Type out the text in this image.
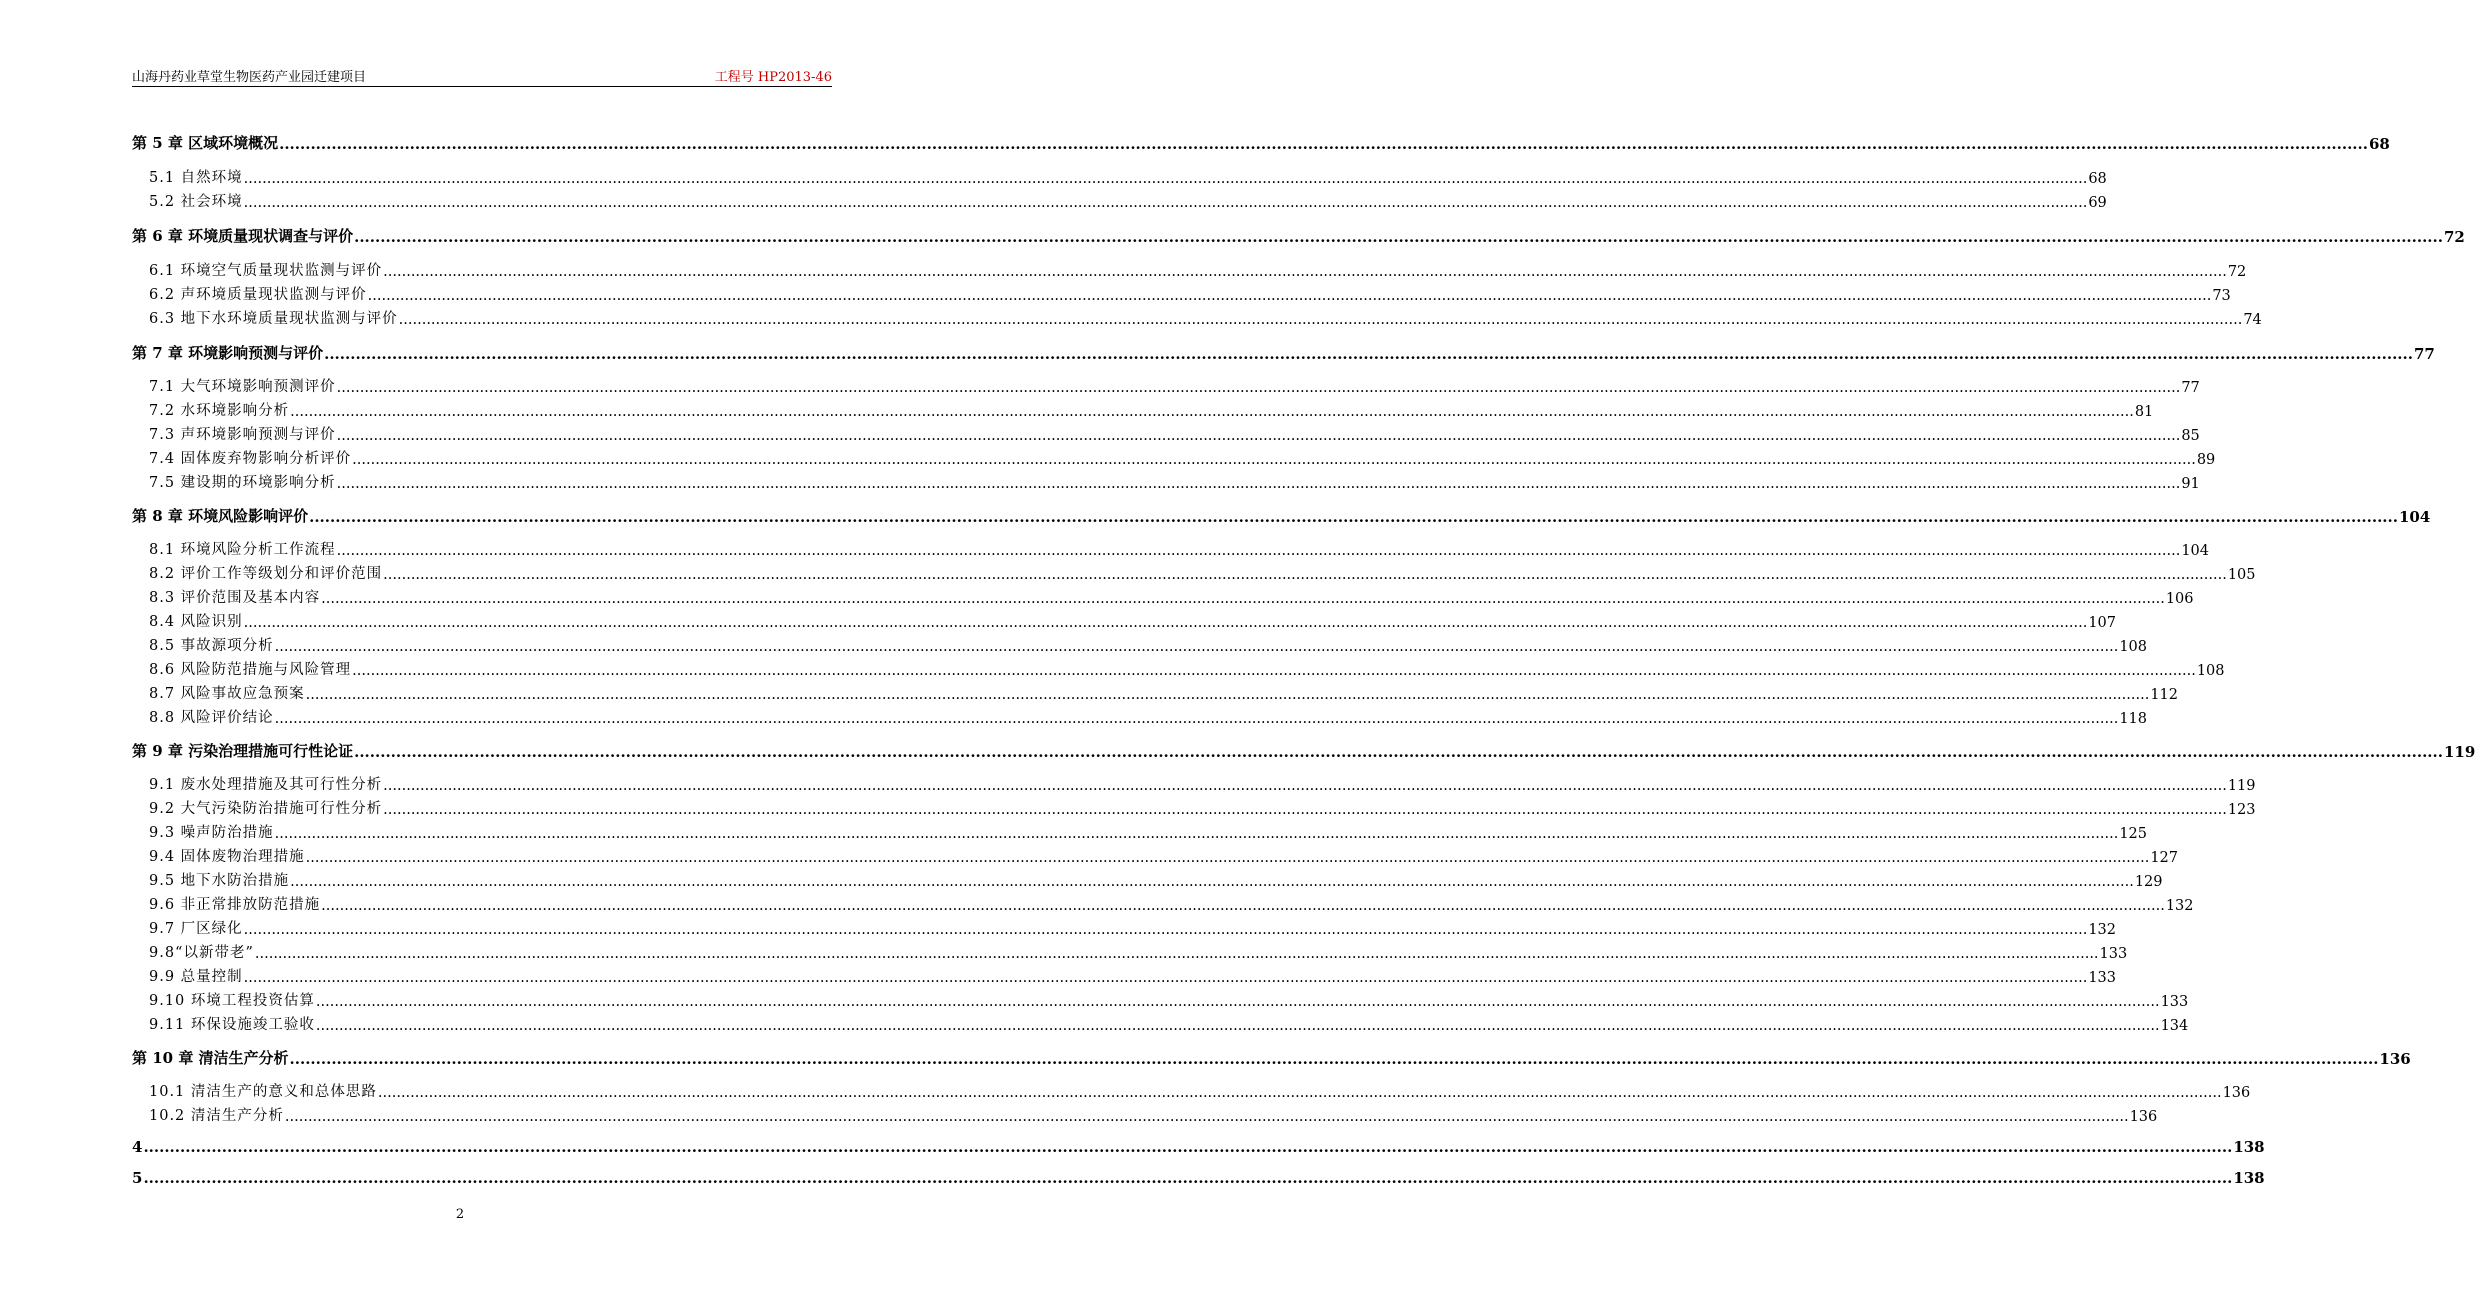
山海丹药业草堂生物医药产业园迁建项目	工程号 HP2013-46
第 5 章 区域环境概况 ................................................................................................................................................................................................................................................................................................................................................................................................................ 68
5.1 自然环境 ................................................................................................................................................................................................................................................................................................................................................................................................................ 68
5.2 社会环境 ................................................................................................................................................................................................................................................................................................................................................................................................................ 69
第 6 章 环境质量现状调查与评价 ................................................................................................................................................................................................................................................................................................................................................................................................................ 72
6.1 环境空气质量现状监测与评价 ................................................................................................................................................................................................................................................................................................................................................................................................................ 72
6.2 声环境质量现状监测与评价 ................................................................................................................................................................................................................................................................................................................................................................................................................ 73
6.3 地下水环境质量现状监测与评价 ................................................................................................................................................................................................................................................................................................................................................................................................................ 74
第 7 章 环境影响预测与评价 ................................................................................................................................................................................................................................................................................................................................................................................................................ 77
7.1 大气环境影响预测评价 ................................................................................................................................................................................................................................................................................................................................................................................................................ 77
7.2 水环境影响分析 ................................................................................................................................................................................................................................................................................................................................................................................................................ 81
7.3 声环境影响预测与评价 ................................................................................................................................................................................................................................................................................................................................................................................................................ 85
7.4 固体废弃物影响分析评价 ................................................................................................................................................................................................................................................................................................................................................................................................................ 89
7.5 建设期的环境影响分析 ................................................................................................................................................................................................................................................................................................................................................................................................................ 91
第 8 章 环境风险影响评价 ................................................................................................................................................................................................................................................................................................................................................................................................................ 104
8.1 环境风险分析工作流程 ................................................................................................................................................................................................................................................................................................................................................................................................................ 104
8.2 评价工作等级划分和评价范围 ................................................................................................................................................................................................................................................................................................................................................................................................................ 105
8.3 评价范围及基本内容 ................................................................................................................................................................................................................................................................................................................................................................................................................ 106
8.4 风险识别 ................................................................................................................................................................................................................................................................................................................................................................................................................ 107
8.5 事故源项分析 ................................................................................................................................................................................................................................................................................................................................................................................................................ 108
8.6 风险防范措施与风险管理 ................................................................................................................................................................................................................................................................................................................................................................................................................ 108
8.7 风险事故应急预案 ................................................................................................................................................................................................................................................................................................................................................................................................................ 112
8.8 风险评价结论 ................................................................................................................................................................................................................................................................................................................................................................................................................ 118
第 9 章 污染治理措施可行性论证 ................................................................................................................................................................................................................................................................................................................................................................................................................ 119
9.1 废水处理措施及其可行性分析 ................................................................................................................................................................................................................................................................................................................................................................................................................ 119
9.2 大气污染防治措施可行性分析 ................................................................................................................................................................................................................................................................................................................................................................................................................ 123
9.3 噪声防治措施 ................................................................................................................................................................................................................................................................................................................................................................................................................ 125
9.4 固体废物治理措施 ................................................................................................................................................................................................................................................................................................................................................................................................................ 127
9.5 地下水防治措施 ................................................................................................................................................................................................................................................................................................................................................................................................................ 129
9.6 非正常排放防范措施 ................................................................................................................................................................................................................................................................................................................................................................................................................ 132
9.7 厂区绿化 ................................................................................................................................................................................................................................................................................................................................................................................................................ 132
9.8“以新带老” ................................................................................................................................................................................................................................................................................................................................................................................................................ 133
9.9 总量控制 ................................................................................................................................................................................................................................................................................................................................................................................................................ 133
9.10 环境工程投资估算 ................................................................................................................................................................................................................................................................................................................................................................................................................ 133
9.11 环保设施竣工验收 ................................................................................................................................................................................................................................................................................................................................................................................................................ 134
第 10 章 清洁生产分析 ................................................................................................................................................................................................................................................................................................................................................................................................................ 136
10.1 清洁生产的意义和总体思路 ................................................................................................................................................................................................................................................................................................................................................................................................................ 136
10.2 清洁生产分析 ................................................................................................................................................................................................................................................................................................................................................................................................................ 136
4 ................................................................................................................................................................................................................................................................................................................................................................................................................ 138
5 ................................................................................................................................................................................................................................................................................................................................................................................................................ 138
2
